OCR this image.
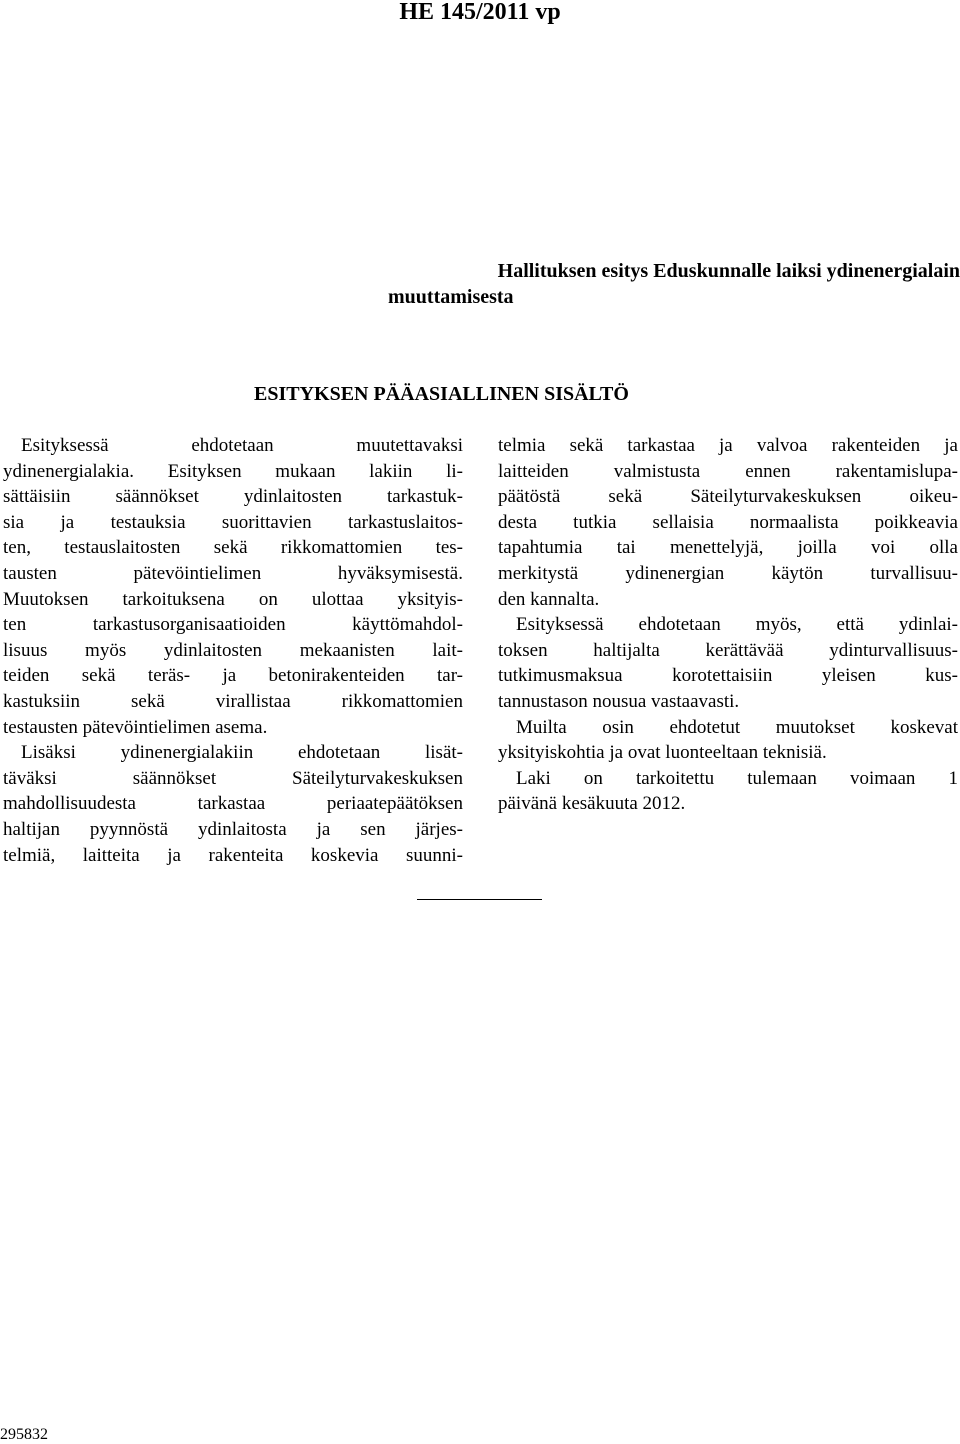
HE 145/2011 vp
Hallituksen esitys Eduskunnalle laiksi ydinenergialain
muuttamisesta
ESITYKSEN PÄÄASIALLINEN SISÄLTÖ
Esityksessä ehdotetaan muutettavaksi
ydinenergialakia. Esityksen mukaan lakiin li-
sättäisiin säännökset ydinlaitosten tarkastuk-
sia ja testauksia suorittavien tarkastuslaitos-
ten, testauslaitosten sekä rikkomattomien tes-
tausten pätevöintielimen hyväksymisestä.
Muutoksen tarkoituksena on ulottaa yksityis-
ten tarkastusorganisaatioiden käyttömahdol-
lisuus myös ydinlaitosten mekaanisten lait-
teiden sekä teräs- ja betonirakenteiden tar-
kastuksiin sekä virallistaa rikkomattomien
testausten pätevöintielimen asema.
Lisäksi ydinenergialakiin ehdotetaan lisät-
täväksi säännökset Säteilyturvakeskuksen
mahdollisuudesta tarkastaa periaatepäätöksen
haltijan pyynnöstä ydinlaitosta ja sen järjes-
telmiä, laitteita ja rakenteita koskevia suunni-
telmia sekä tarkastaa ja valvoa rakenteiden ja
laitteiden valmistusta ennen rakentamislupa-
päätöstä sekä Säteilyturvakeskuksen oikeu-
desta tutkia sellaisia normaalista poikkeavia
tapahtumia tai menettelyjä, joilla voi olla
merkitystä ydinenergian käytön turvallisuu-
den kannalta.
Esityksessä ehdotetaan myös, että ydinlai-
toksen haltijalta kerättävää ydinturvallisuus-
tutkimusmaksua korotettaisiin yleisen kus-
tannustason nousua vastaavasti.
Muilta osin ehdotetut muutokset koskevat
yksityiskohtia ja ovat luonteeltaan teknisiä.
Laki on tarkoitettu tulemaan voimaan 1
päivänä kesäkuuta 2012.
295832
